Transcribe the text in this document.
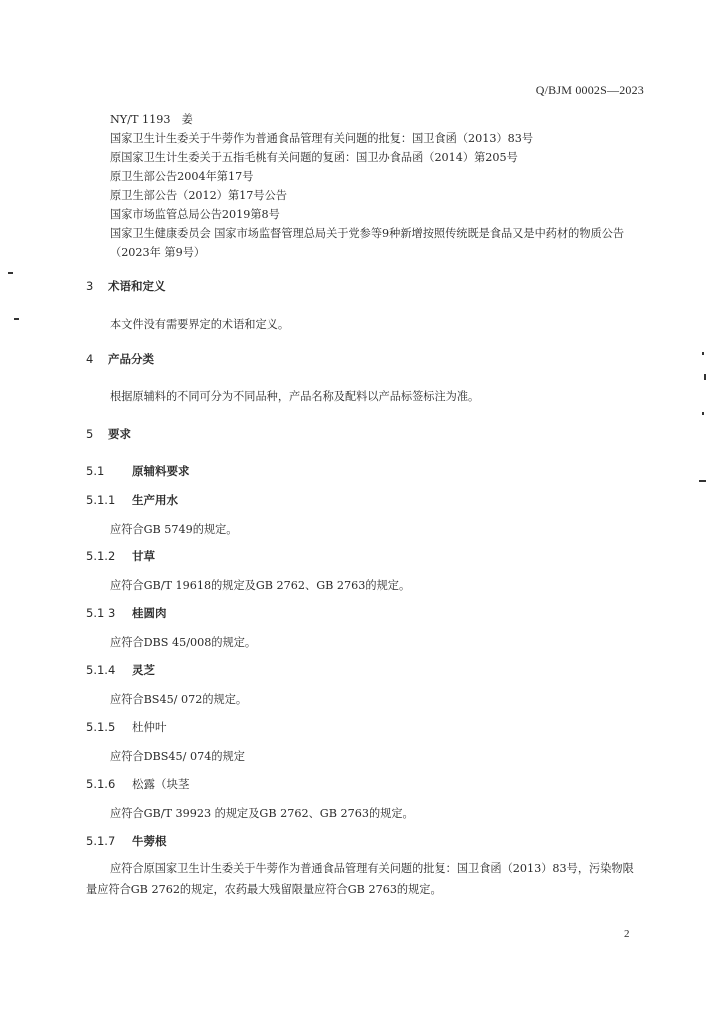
Q/BJM 0002S—2023
NY/T 1193　姜
国家卫生计生委关于牛蒡作为普通食品管理有关问题的批复：国卫食函（2013）83号
原国家卫生计生委关于五指毛桃有关问题的复函：国卫办食品函（2014）第205号
原卫生部公告2004年第17号
原卫生部公告（2012）第17号公告
国家市场监管总局公告2019第8号
国家卫生健康委员会 国家市场监督管理总局关于党参等9种新增按照传统既是食品又是中药材的物质公告（2023年 第9号）
3 术语和定义
本文件没有需要界定的术语和定义。
4 产品分类
根据原辅料的不同可分为不同品种，产品名称及配料以产品标签标注为准。
5 要求
5.1 原辅料要求
5.1.1 生产用水
应符合GB 5749的规定。
5.1.2 甘草
应符合GB/T 19618的规定及GB 2762、GB 2763的规定。
5.1 3 桂圆肉
应符合DBS 45/008的规定。
5.1.4 灵芝
应符合BS45/ 072的规定。
5.1.5 杜仲叶
应符合DBS45/ 074的规定
5.1.6 松露（块茎
应符合GB/T 39923 的规定及GB 2762、GB 2763的规定。
5.1.7 牛蒡根
应符合原国家卫生计生委关于牛蒡作为普通食品管理有关问题的批复：国卫食函（2013）83号，污染物限量应符合GB 2762的规定，农药最大残留限量应符合GB 2763的规定。
2
